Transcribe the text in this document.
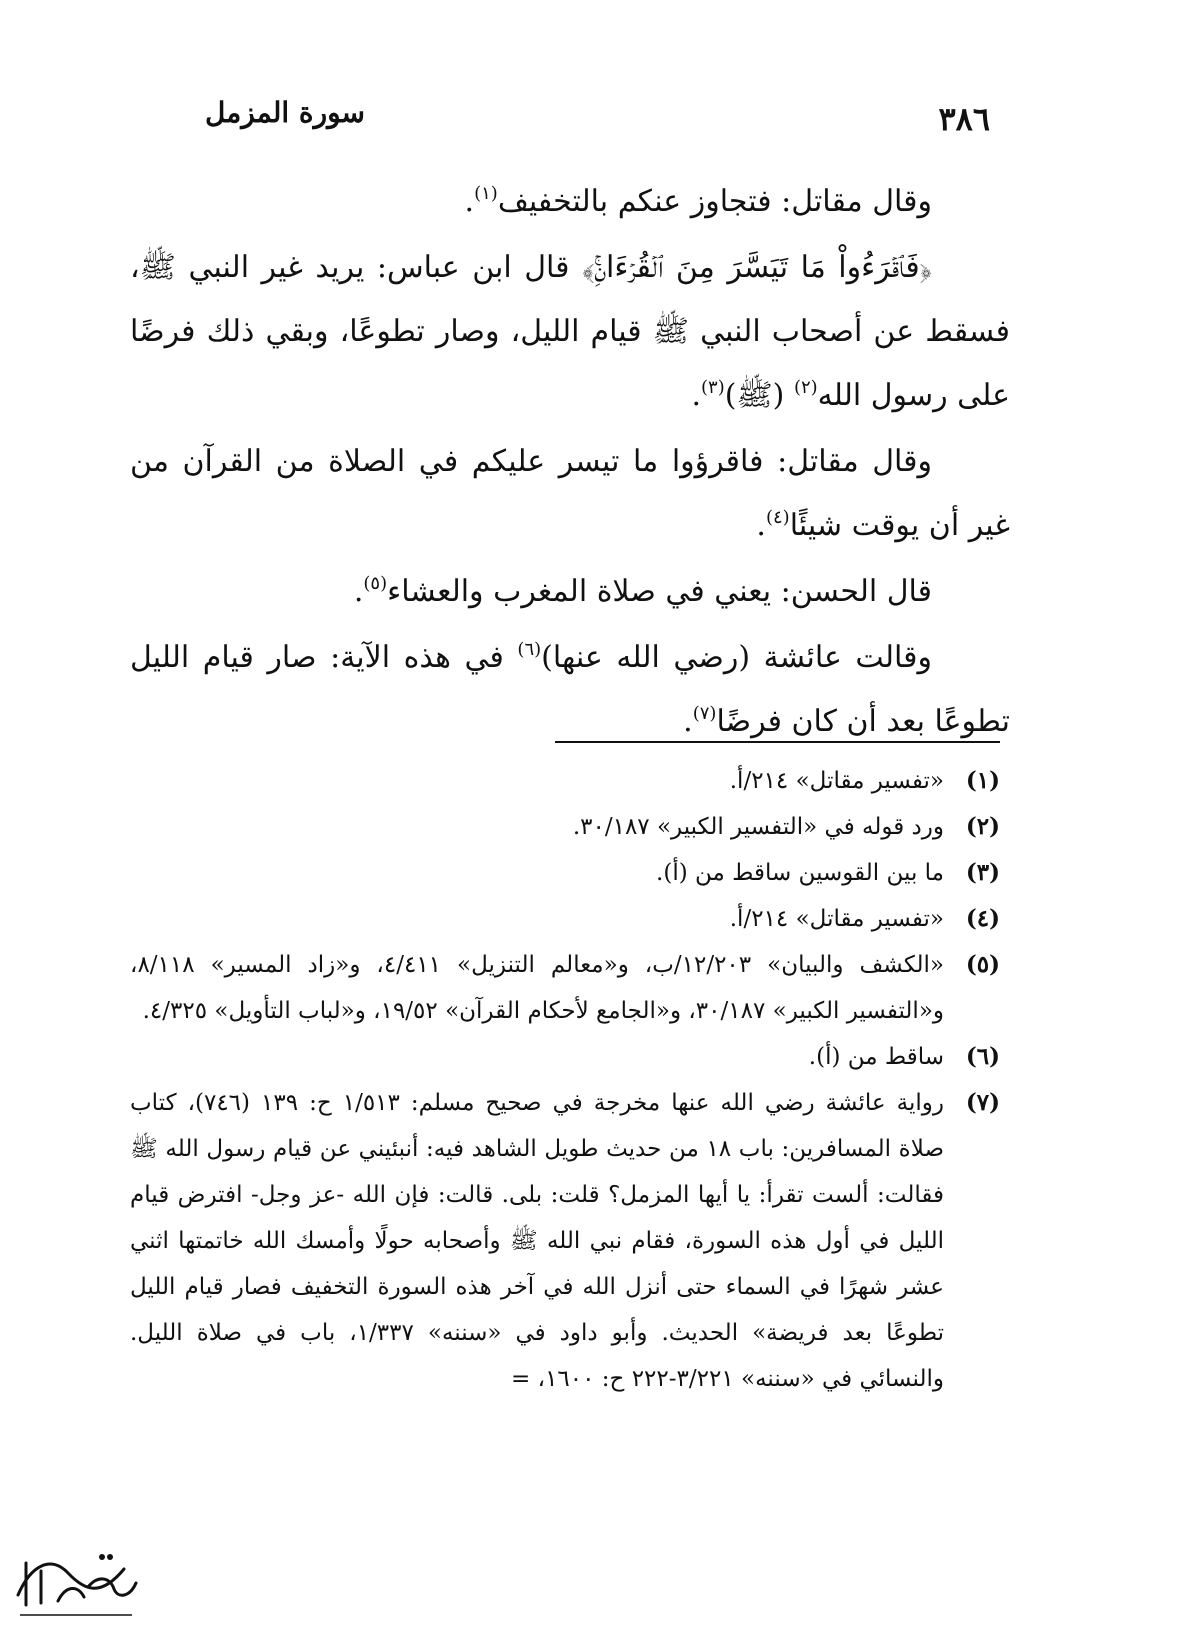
٣٨٦
سورة المزمل

وقال مقاتل: فتجاوز عنكم بالتخفيف$^{(١)}$.

﴿فَٱقۡرَءُواْ مَا تَيَسَّرَ مِنَ ٱلۡقُرۡءَانِۚ﴾ قال ابن عباس: يريد غير النبي ﷺ، فسقط عن أصحاب النبي ﷺ قيام الليل، وصار تطوعًا، وبقي ذلك فرضًا على رسول الله$^{(٢)}$ (ﷺ)$^{(٣)}$.

وقال مقاتل: فاقرؤوا ما تيسر عليكم في الصلاة من القرآن من غير أن يوقت شيئًا$^{(٤)}$.

قال الحسن: يعني في صلاة المغرب والعشاء$^{(٥)}$.

وقالت عائشة (رضي الله عنها)$^{(٦)}$ في هذه الآية: صار قيام الليل تطوعًا بعد أن كان فرضًا$^{(٧)}$.

(١)
«تفسير مقاتل» ٢١٤/أ.

(٢)
ورد قوله في «التفسير الكبير» ٣٠/١٨٧.

(٣)
ما بين القوسين ساقط من (أ).

(٤)
«تفسير مقاتل» ٢١٤/أ.

(٥)
«الكشف والبيان» ١٢/٢٠٣/ب، و«معالم التنزيل» ٤/٤١١، و«زاد المسير» ٨/١١٨، و«التفسير الكبير» ٣٠/١٨٧، و«الجامع لأحكام القرآن» ١٩/٥٢، و«لباب التأويل» ٤/٣٢٥.

(٦)
ساقط من (أ).

(٧)
رواية عائشة رضي الله عنها مخرجة في صحيح مسلم: ١/٥١٣ ح: ١٣٩ (٧٤٦)، كتاب صلاة المسافرين: باب ١٨ من حديث طويل الشاهد فيه: أنبئيني عن قيام رسول الله ﷺ فقالت: ألست تقرأ: يا أيها المزمل؟ قلت: بلى. قالت: فإن الله -عز وجل- افترض قيام الليل في أول هذه السورة، فقام نبي الله ﷺ وأصحابه حولًا وأمسك الله خاتمتها اثني عشر شهرًا في السماء حتى أنزل الله في آخر هذه السورة التخفيف فصار قيام الليل تطوعًا بعد فريضة» الحديث. وأبو داود في «سننه» ١/٣٣٧، باب في صلاة الليل. والنسائي في «سننه» ٣/٢٢١-٢٢٢ ح: ١٦٠٠، =
